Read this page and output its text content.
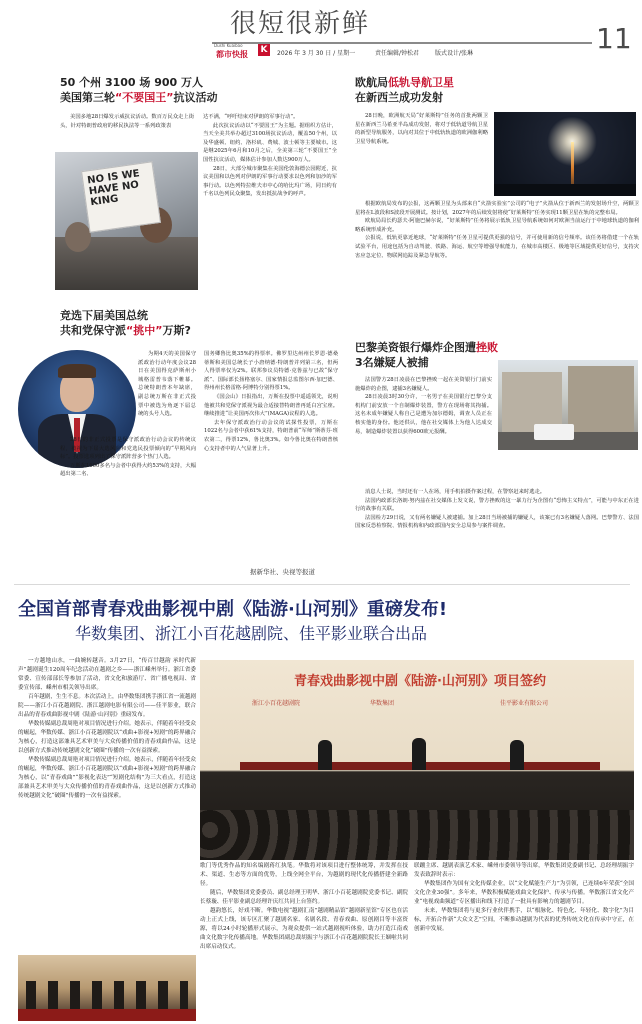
很短很新鲜
Dushi Kuaibao
都市快报 K	2026 年 3 月 30 日 / 星期一	责任编辑/钟松君	版式设计/张琳	11
50 个州 3100 场 900 万人
美国第三轮“不要国王”抗议活动

美国多地28日爆发示威抗议活动。数百万民众走上街头，针对特朗普政府的移民执法等一系列政策表

NO IS WE HAVE NO KING

达不满，“呼吁结束对伊朗的军事行动”。

此次抗议活动以“不要国王”为主题。据组织方估计，当天全美共举办超过3100场抗议活动，覆盖50个州，以及华盛顿、纽约、洛杉矶、费城、波士顿等主要城市。这是继2025年6月和10月之后，全美第三轮“不要国王”全国性抗议活动，媒体估计参加人数达900万人。

28日，大部分城市聚集在美国伦敦海德公园附近，抗议美国和以色列对伊朗的军事行动要求以色列和加沙的军事行动。以色列特拉维夫市中心的哈比玛广场，同日约有千名以色列民众聚集，发出抵抗战争的呼声。

欧航局低轨导航卫星
在新西兰成功发射

28日晚，欧洲航天局“好莱斯特”任务的首批两颗卫星在新西兰马希亚半岛成功发射，将对于低轨道导航卫星的新型导航服务，以向对其位于中低轨轨道的欧洲伽利略卫星导航系统。

根据欧航局发布的公报，这两颗卫星为头部来自“火箭实验室”公司的“电子”火箭从位于新西兰的发射场升空，两颗卫星将在L波段和S波段开展测试。按计划，2027年的后续发射将使“好莱斯特”任务实现11颗卫星在轨的完整布局。

欧航局局长约瑟夫·阿施巴赫尔说，“好莱斯特”任务将展示低轨卫星导航系统如何对欧洲当前运行于中地球轨道的伽利略系统形成补充。

公报说，低轨更靠近地球，“好莱斯特”任务卫星可提供更强的信号，并可使用新的信号频率。该任务将借建一个在轨试验平台，用途包括为自动驾驶、铁路、海运、航空等增强导航能力，在城市高楼区、极地等区域提供更好信号，支持灾害应急定位、物联网追踪及紧急导航等。

竞选下届美国总统
共和党保守派“挑中”万斯?

为期4天的美国保守派政治行动年度会议28日在美国得克萨斯州小城格雷普韦落下帷幕。总统特朗普本年缺席，副总统万斯在非正式投票中被选为角逐下届总统的头号人选。

28日的非正式投票是保守派政治行动会议的传统议程，被视为下届大选风向和党选民投票倾向的“早期风向标”。投票选项列出了保守派阵营多个热门人选。

万斯在1600多名与会者中获得大约53%的支持，大幅超出第二名、

国务卿鲁比奥35%的得票率。佛罗里达州州长罗恩·德桑蒂斯和美国总统长子小唐纳德·特朗普并列第三名，但两人得票率仅为2%。联邦参议员特德·克鲁兹与已故“保守派”、国际部长扬格塞尔、国家情报总监图尔西·加巴德、得州州长格雷格·阿博特分别得票1%。

《国会山》日报指出，万斯在投票中遥遥领先，说明他被共和党保守派视为最合适接替特朗普再延白宫宝座。继续推进“让美国再次伟大”(MAGA)议程的人选。

去年保守派政治行动会议的试探性投票，万斯在1022名与会者中获61%支持，特朗普前“军师”斯蒂芬·班农第二，得票12%，鲁比奥3%。如今鲁比奥在特朗普核心支持者中的人气显著上升。

据新华社、央视等报道
巴黎美资银行爆炸企图遭挫败
3名嫌疑人被捕

法国警方28日凌晨在巴黎挫败一起在美资银行门前实施爆炸的企图，逮捕3名嫌疑人。

28日凌晨3时30分许，一名男子在美国银行巴黎分支机构门前安放一个自制爆炸装置，警方在现场将其拘捕。这名未成年嫌疑人称自己是遭为加尔德姆，调查人员正在核实他的身份。他还供认，他在社交媒体上为他人达成交易，制造爆炸装置以获得600欧元报酬。

消息人士说，当时还有一人在场，用手机拍摄作案过程，在警察赶来时逃走。

法国内政部长洛朗·努内兹在社交媒体上发文说，警方挫败的这一暴力行为企图有“恐怖主义特点”，可能与中东正在进行的战事有关联。

法国检方29日说，又有两名嫌疑人被逮捕。加上28日当场被捕的嫌疑人，该案已有3名嫌疑人落网。巴黎警方、法国国家反恐检察院、情报机构和内政部国内安全总局参与案件调查。

全国首部青春戏曲影视中剧《陆游·山河别》重磅发布!
华数集团、浙江小百花越剧院、佳平影业联合出品

一方越地山水，一曲婉转越音。3月27日，“传百廿越韵 承时代新声”越剧诞生120周年纪念活动在越剧之乡——浙江嵊州举行。浙江省委常委、宣传部部长等参加了活动，省文化和旅游厅、省广播电视局、省委宣传部、嵊州市相关领导出席。

百年越剧，生生不息。本次活动上，由华数集团携手浙江省一流越剧院——浙江小百花越剧院、浙江越剧电影有限公司——佳平影业，联合出品的青春戏曲影视中剧《陆游·山河别》重磅发布。

华数传媒副总裁周艳对项目情况进行介绍。她表示，伴随着年轻受众的崛起，华数传媒、浙江小百花越剧院以“戏曲+影视+短剧”的跨界融合为核心，打造这部兼具艺术审美与大众传播价值的青春戏曲作品，这是以创新方式推动传统越剧文化“破圈”传播的一次有益探索。

华数传媒副总裁周艳对项目情况进行介绍。她表示，伴随着年轻受众的崛起，华数传媒、浙江小百花越剧院以“戏曲+影视+短剧”的跨界融合为核心，以“青春戏曲”“影视化表达”“短剧化结构”为三大看点，打造这部兼具艺术审美与大众传播价值的青春戏曲作品，这是以创新方式推动传统越剧文化“破圈”传播的一次有益探索。

青春戏曲影视中剧《陆游·山河别》项目签约
浙江小百花越剧院	华数集团	佳平影业有限公司

歌门等优秀作品的知名编剧蒋红执笔。华数将对该项目进行整体统筹，并发挥在技术、渠道、生态等方面的优势，上线全网全平台，为越剧的现代化传播搭建全新路径。

随后，华数集团党委委员、副总经理王明华、浙江小百花越剧院党委书记、副院长蔡璇、佳平影业副总经理许庆红共同上台签约。

越韵悠长，好戏不断。华数电视“越剧汇南”越剧精品馆“越剧新星馆”专区也在活动上正式上线，该专区汇聚了越剧名家、名剧名段、青春戏曲、原创剧目等丰富资源，将以24小时轮播形式展示，为观众提供一站式越剧视听体验，助力打造江南戏曲文化数字化传播高地。华数集团副总裁胡振宇与浙江小百花越剧院院长王姻啦共同出席启动仪式。

联蹦主席、越剧表演艺术家、嵊州市委领导等出席，华数集团党委副书记、总经理胡振宇发表致辞时表示：

华数集团作为国有文化传媒企业，以“文化赋能生产力”为引领，已连续6年荣获“全国文化企业30强”。多年来，华数积极赋能戏曲文化保护、传承与传播。华数浙江省文化产业“电视戏曲频道”专区播出和线下打造了一批具有影响力的越剧节目。

未来，华数集团将与更多行业伙伴携手，以“根脉化、特色化、年轻化、数字化”为目标，开拓合作新“大众文艺”空间，不断推动越剧为代表的优秀传统文化在传承中守正，在创新中发展。
